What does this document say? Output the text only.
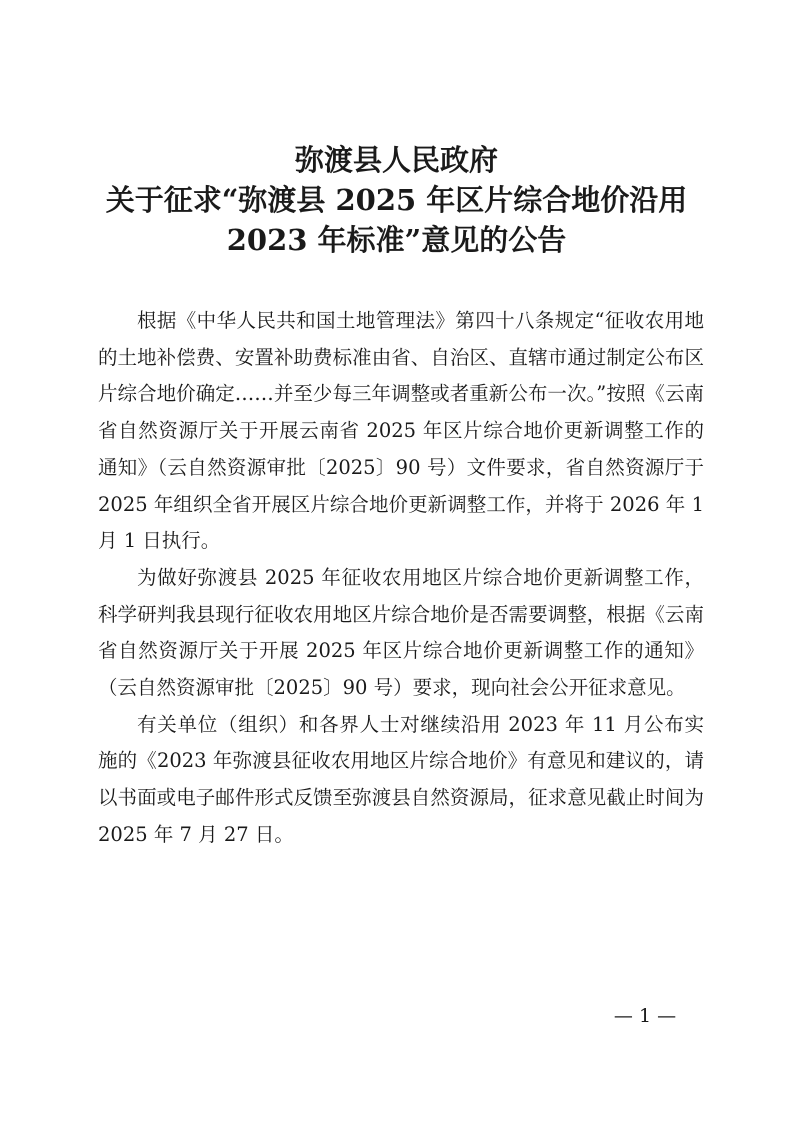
弥渡县人民政府
关于征求“弥渡县 2025 年区片综合地价沿用
2023 年标准”意见的公告

根据《中华人民共和国土地管理法》第四十八条规定“征收农用地的土地补偿费、安置补助费标准由省、自治区、直辖市通过制定公布区片综合地价确定……并至少每三年调整或者重新公布一次。”按照《云南省自然资源厅关于开展云南省 2025 年区片综合地价更新调整工作的通知》（云自然资源审批〔2025〕90 号）文件要求，省自然资源厅于 2025 年组织全省开展区片综合地价更新调整工作，并将于 2026 年 1 月 1 日执行。

为做好弥渡县 2025 年征收农用地区片综合地价更新调整工作，科学研判我县现行征收农用地区片综合地价是否需要调整，根据《云南省自然资源厅关于开展 2025 年区片综合地价更新调整工作的通知》（云自然资源审批〔2025〕90 号）要求，现向社会公开征求意见。

有关单位（组织）和各界人士对继续沿用 2023 年 11 月公布实施的《2023 年弥渡县征收农用地区片综合地价》有意见和建议的，请以书面或电子邮件形式反馈至弥渡县自然资源局，征求意见截止时间为 2025 年 7 月 27 日。

— 1 —
